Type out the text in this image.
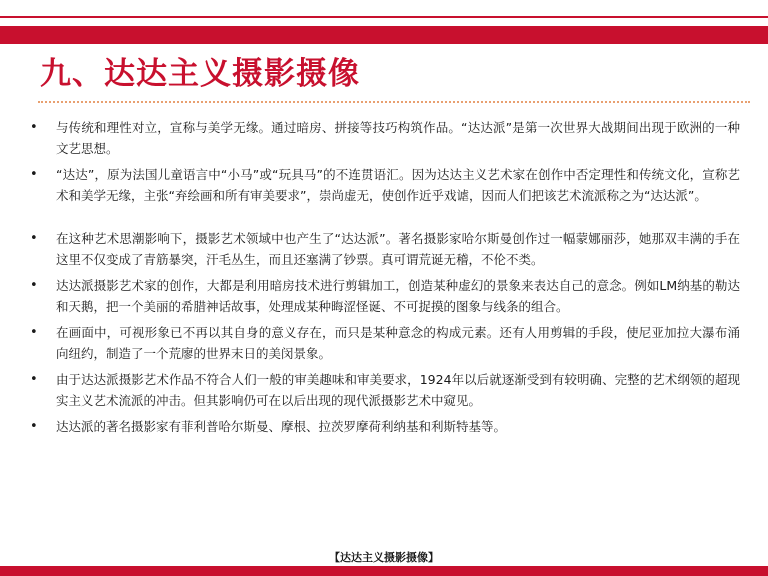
九、达达主义摄影摄像
•	与传统和理性对立，宣称与美学无缘。通过暗房、拼接等技巧构筑作品。“达达派”是第一次世界大战期间出现于欧洲的一种文艺思想。
•	“达达”，原为法国儿童语言中“小马”或“玩具马”的不连贯语汇。因为达达主义艺术家在创作中否定理性和传统文化，宣称艺术和美学无缘，主张“弃绘画和所有审美要求”，崇尚虚无，使创作近乎戏谑，因而人们把该艺术流派称之为“达达派”。
•	在这种艺术思潮影响下，摄影艺术领域中也产生了“达达派”。著名摄影家哈尔斯曼创作过一幅蒙娜丽莎，她那双丰满的手在这里不仅变成了青筋暴突，汗毛丛生，而且还塞满了钞票。真可谓荒诞无稽，不伦不类。
•	达达派摄影艺术家的创作，大都是利用暗房技术进行剪辑加工，创造某种虚幻的景象来表达自己的意念。例如LM纳基的勒达和天鹅，把一个美丽的希腊神话故事，处理成某种晦涩怪诞、不可捉摸的图象与线条的组合。
•	在画面中，可视形象已不再以其自身的意义存在，而只是某种意念的构成元素。还有人用剪辑的手段，使尼亚加拉大瀑布涌向纽约，制造了一个荒廖的世界末日的美闵景象。
•	由于达达派摄影艺术作品不符合人们一般的审美趣味和审美要求，1924年以后就逐渐受到有较明确、完整的艺术纲领的超现实主义艺术流派的冲击。但其影响仍可在以后出现的现代派摄影艺术中窥见。
•	达达派的著名摄影家有菲利普哈尔斯曼、摩根、拉茨罗摩荷利纳基和利斯特基等。
【达达主义摄影摄像】
